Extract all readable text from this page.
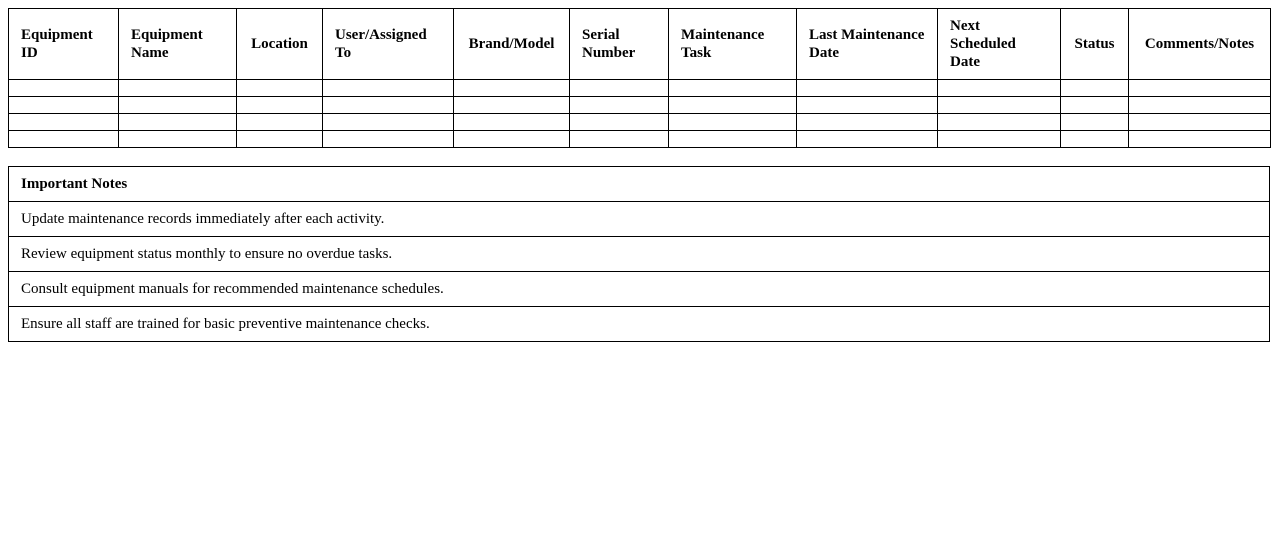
Equipment ID	Equipment Name	Location	User/Assigned To	Brand/Model	Serial Number	Maintenance Task	Last Maintenance Date	Next Scheduled Date	Status	Comments/Notes

Important Notes
Update maintenance records immediately after each activity.
Review equipment status monthly to ensure no overdue tasks.
Consult equipment manuals for recommended maintenance schedules.
Ensure all staff are trained for basic preventive maintenance checks.
